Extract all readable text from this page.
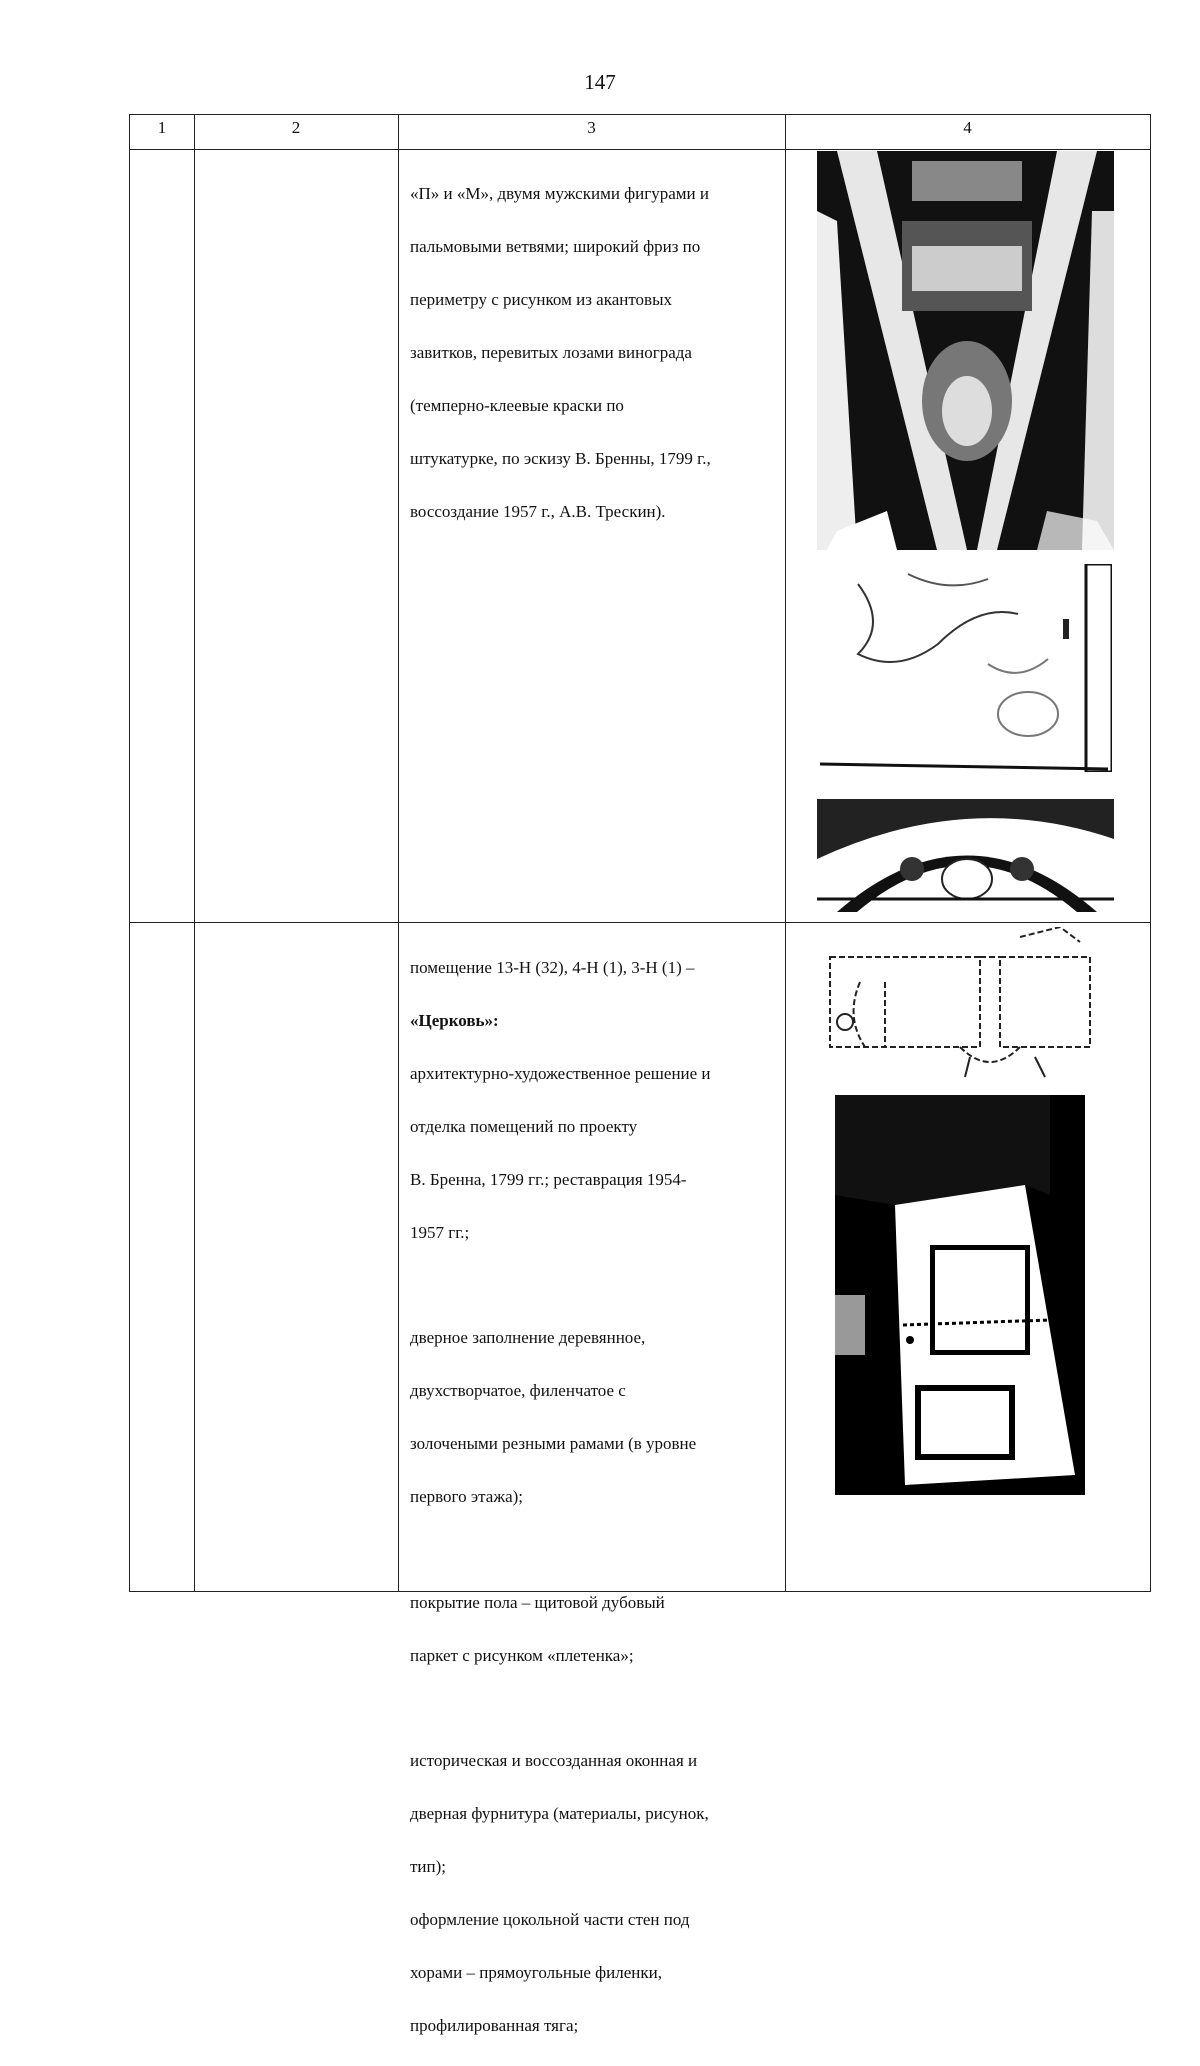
147
1	2	3	4

«П» и «М», двумя мужскими фигурами и

пальмовыми ветвями; широкий фриз по

периметру с рисунком из акантовых

завитков, перевитых лозами винограда

(темперно-клеевые краски по

штукатурке, по эскизу В. Бренны, 1799 г.,

воссоздание 1957 г., А.В. Трескин).

помещение 13-Н (32), 4-Н (1), 3-Н (1) –

«Церковь»:

архитектурно-художественное решение и

отделка помещений по проекту

В. Бренна, 1799 гг.; реставрация 1954-

1957 гг.;

дверное заполнение деревянное,

двухстворчатое, филенчатое с

золочеными резными рамами (в уровне

первого этажа);

покрытие пола – щитовой дубовый

паркет с рисунком «плетенка»;

историческая и воссозданная оконная и

дверная фурнитура (материалы, рисунок,

тип);

оформление цокольной части стен под

хорами – прямоугольные филенки,

профилированная тяга;
